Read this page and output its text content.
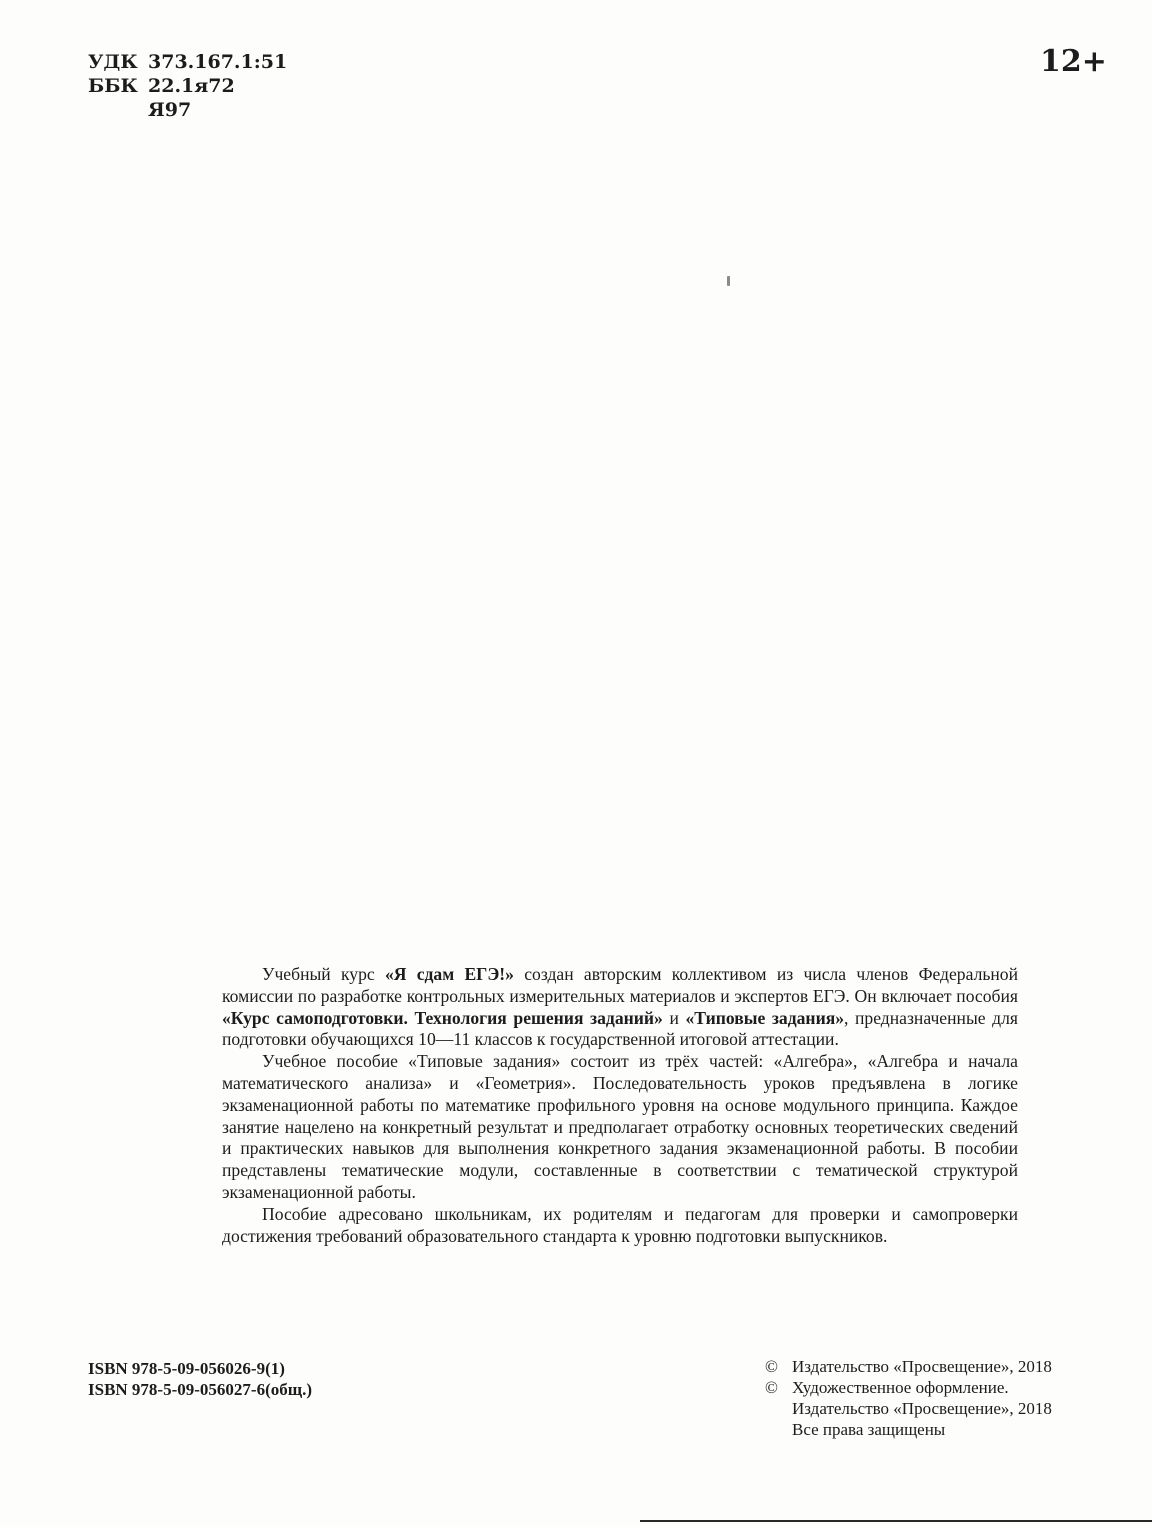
УДК 373.167.1:51
ББК 22.1я72
Я97
12+

Учебный курс «Я сдам ЕГЭ!» создан авторским коллективом из числа членов Федеральной комиссии по разработке контрольных измерительных материалов и экспертов ЕГЭ. Он включает пособия «Курс самоподготовки. Технология решения заданий» и «Типовые задания», предназначенные для подготовки обучающихся 10—11 классов к государственной итоговой аттестации.

Учебное пособие «Типовые задания» состоит из трёх частей: «Алгебра», «Алгебра и начала математического анализа» и «Геометрия». Последовательность уроков предъявлена в логике экзаменационной работы по математике профильного уровня на основе модульного принципа. Каждое занятие нацелено на конкретный результат и предполагает отработку основных теоретических сведений и практических навыков для выполнения конкретного задания экзаменационной работы. В пособии представлены тематические модули, составленные в соответствии с тематической структурой экзаменационной работы.

Пособие адресовано школьникам, их родителям и педагогам для проверки и самопроверки достижения требований образовательного стандарта к уровню подготовки выпускников.

ISBN 978-5-09-056026-9(1)
ISBN 978-5-09-056027-6(общ.)
© Издательство «Просвещение», 2018
© Художественное оформление.
Издательство «Просвещение», 2018
Все права защищены
